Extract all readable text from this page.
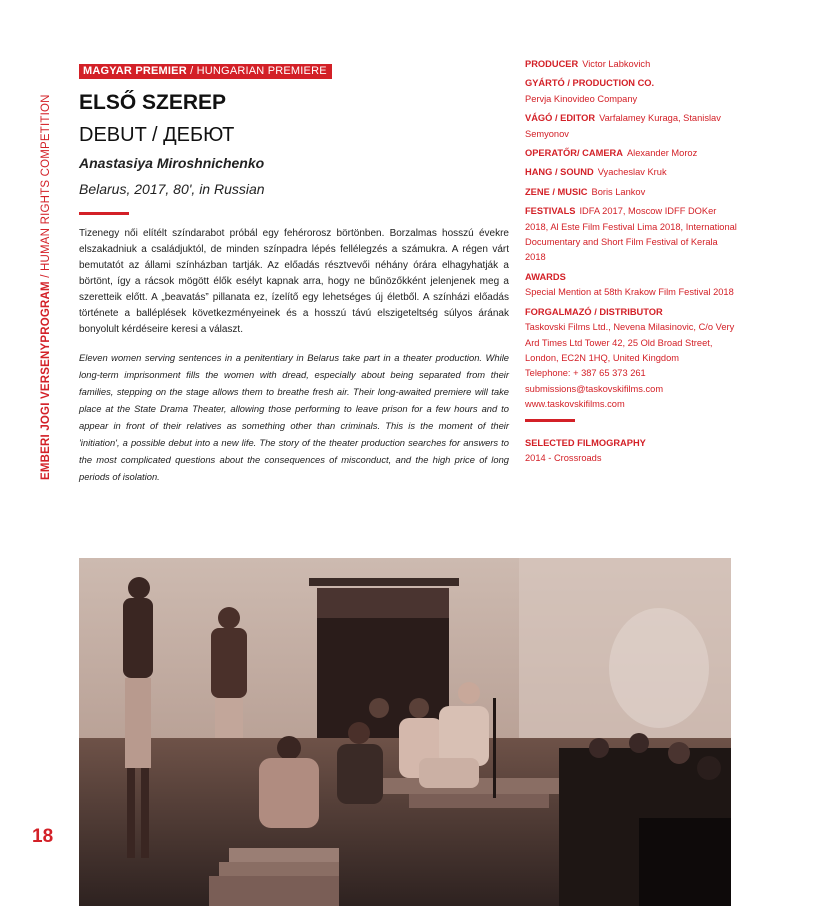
EMBERI JOGI VERSENYPROGRAM / HUMAN RIGHTS COMPETITION
18
MAGYAR PREMIER / HUNGARIAN PREMIERE
ELSŐ SZEREP
DEBUT / ДЕБЮТ
Anastasiya Miroshnichenko
Belarus, 2017, 80', in Russian
Tizenegy női elítélt színdarabot próbál egy fehérorosz börtönben. Borzalmas hosszú évekre elszakadniuk a családjuktól, de minden színpadra lépés fellélegzés a számukra. A régen várt bemutatót az állami színházban tartják. Az előadás résztvevői néhány órára elhagyhatják a börtönt, így a rácsok mögött élők esélyt kapnak arra, hogy ne bűnözőkként jelenjenek meg a szeretteik előtt. A „beavatás” pillanata ez, ízelítő egy lehetséges új életből. A színházi előadás története a balléplések következményeinek és a hosszú távú elszigeteltség súlyos árának bonyolult kérdéseire keresi a választ.
Eleven women serving sentences in a penitentiary in Belarus take part in a theater production. While long-term imprisonment fills the women with dread, especially about being separated from their families, stepping on the stage allows them to breathe fresh air. Their long-awaited premiere will take place at the State Drama Theater, allowing those performing to leave prison for a few hours and to appear in front of their relatives as something other than criminals. This is the moment of their 'initiation', a possible debut into a new life. The story of the theater production searches for answers to the most complicated questions about the consequences of misconduct, and the high price of long periods of isolation.
PRODUCER Victor Labkovich
GYÁRTÓ / PRODUCTION CO.
Pervja Kinovideo Company
VÁGÓ / EDITOR Varfalamey Kuraga, Stanislav Semyonov
OPERATŐR/ CAMERA Alexander Moroz
HANG / SOUND Vyacheslav Kruk
ZENE / MUSIC Boris Lankov
FESTIVALS IDFA 2017, Moscow IDFF DOKer 2018, Al Este Film Festival Lima 2018, International Documentary and Short Film Festival of Kerala 2018
AWARDS
Special Mention at 58th Krakow Film Festival 2018
FORGALMAZÓ / DISTRIBUTOR
Taskovski Films Ltd., Nevena Milasinovic, C/o Very
Ard Times Ltd Tower 42, 25 Old Broad Street,
London, EC2N 1HQ, United Kingdom
Telephone: + 387 65 373 261
submissions@taskovskifilms.com
www.taskovskifilms.com
SELECTED FILMOGRAPHY
2014 - Crossroads
